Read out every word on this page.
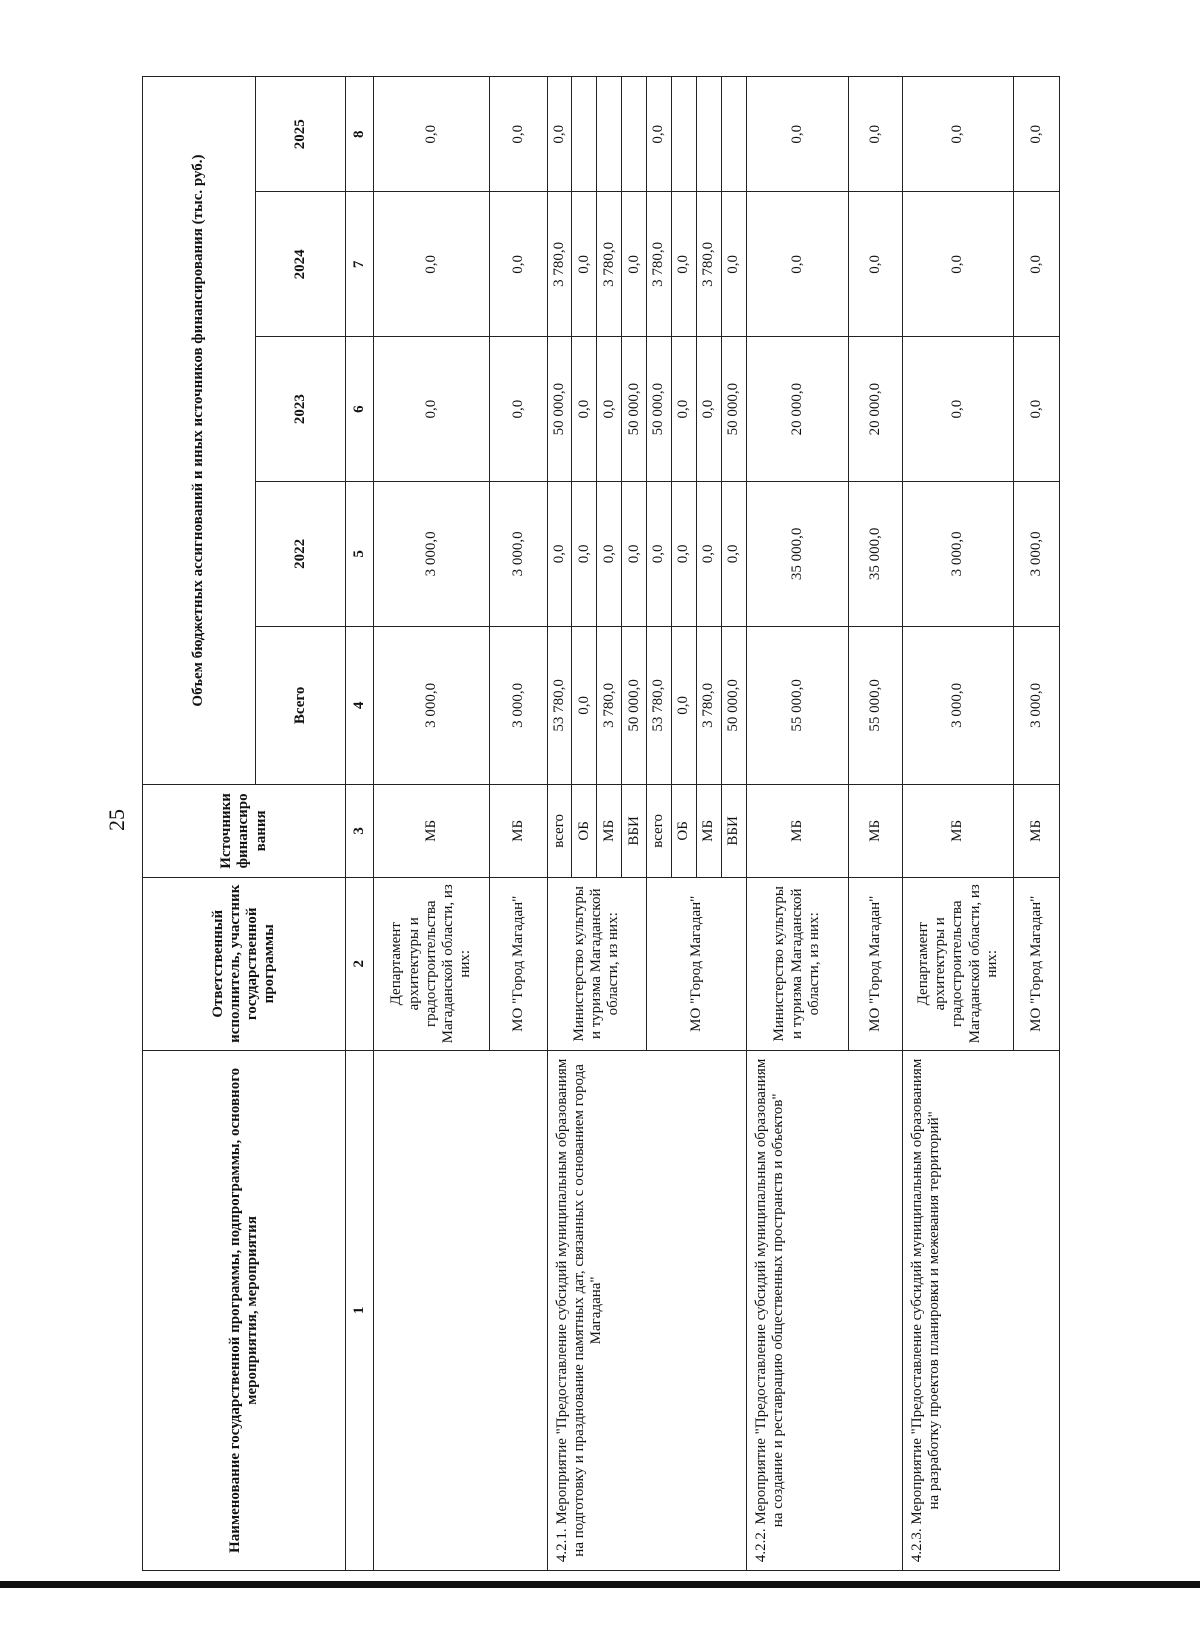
25
Наименование государственной программы, подпрограммы, основного мероприятия, мероприятия	Ответственный исполнитель, участник государственной программы	Источники финансиро вания	Объем бюджетных ассигнований и иных источников финансирования (тыс. руб.)				
			Всего	2022	2023	2024	2025
1	2	3	4	5	6	7	8
	Департамент архитектуры и градостроительства Магаданской области, из них:	МБ	3 000,0	3 000,0	0,0	0,0	0,0
	МО "Город Магадан"	МБ	3 000,0	3 000,0	0,0	0,0	0,0
4.2.1. Мероприятие "Предоставление субсидий муниципальным образованиям на подготовку и празднование памятных дат, связанных с основанием города Магадана"	Министерство культуры и туризма Магаданской области, из них:	всего	53 780,0	0,0	50 000,0	3 780,0	0,0
		ОБ	0,0	0,0	0,0	0,0	
		МБ	3 780,0	0,0	0,0	3 780,0	
		ВБИ	50 000,0	0,0	50 000,0	0,0	
	МО "Город Магадан"	всего	53 780,0	0,0	50 000,0	3 780,0	0,0
		ОБ	0,0	0,0	0,0	0,0	
		МБ	3 780,0	0,0	0,0	3 780,0	
		ВБИ	50 000,0	0,0	50 000,0	0,0	
4.2.2. Мероприятие "Предоставление субсидий муниципальным образованиям на создание и реставрацию общественных пространств и объектов"	Министерство культуры и туризма Магаданской области, из них:	МБ	55 000,0	35 000,0	20 000,0	0,0	0,0
	МО "Город Магадан"	МБ	55 000,0	35 000,0	20 000,0	0,0	0,0
4.2.3. Мероприятие "Предоставление субсидий муниципальным образованиям на разработку проектов планировки и межевания территорий"	Департамент архитектуры и градостроительства Магаданской области, из них:	МБ	3 000,0	3 000,0	0,0	0,0	0,0
	МО "Город Магадан"	МБ	3 000,0	3 000,0	0,0	0,0	0,0
